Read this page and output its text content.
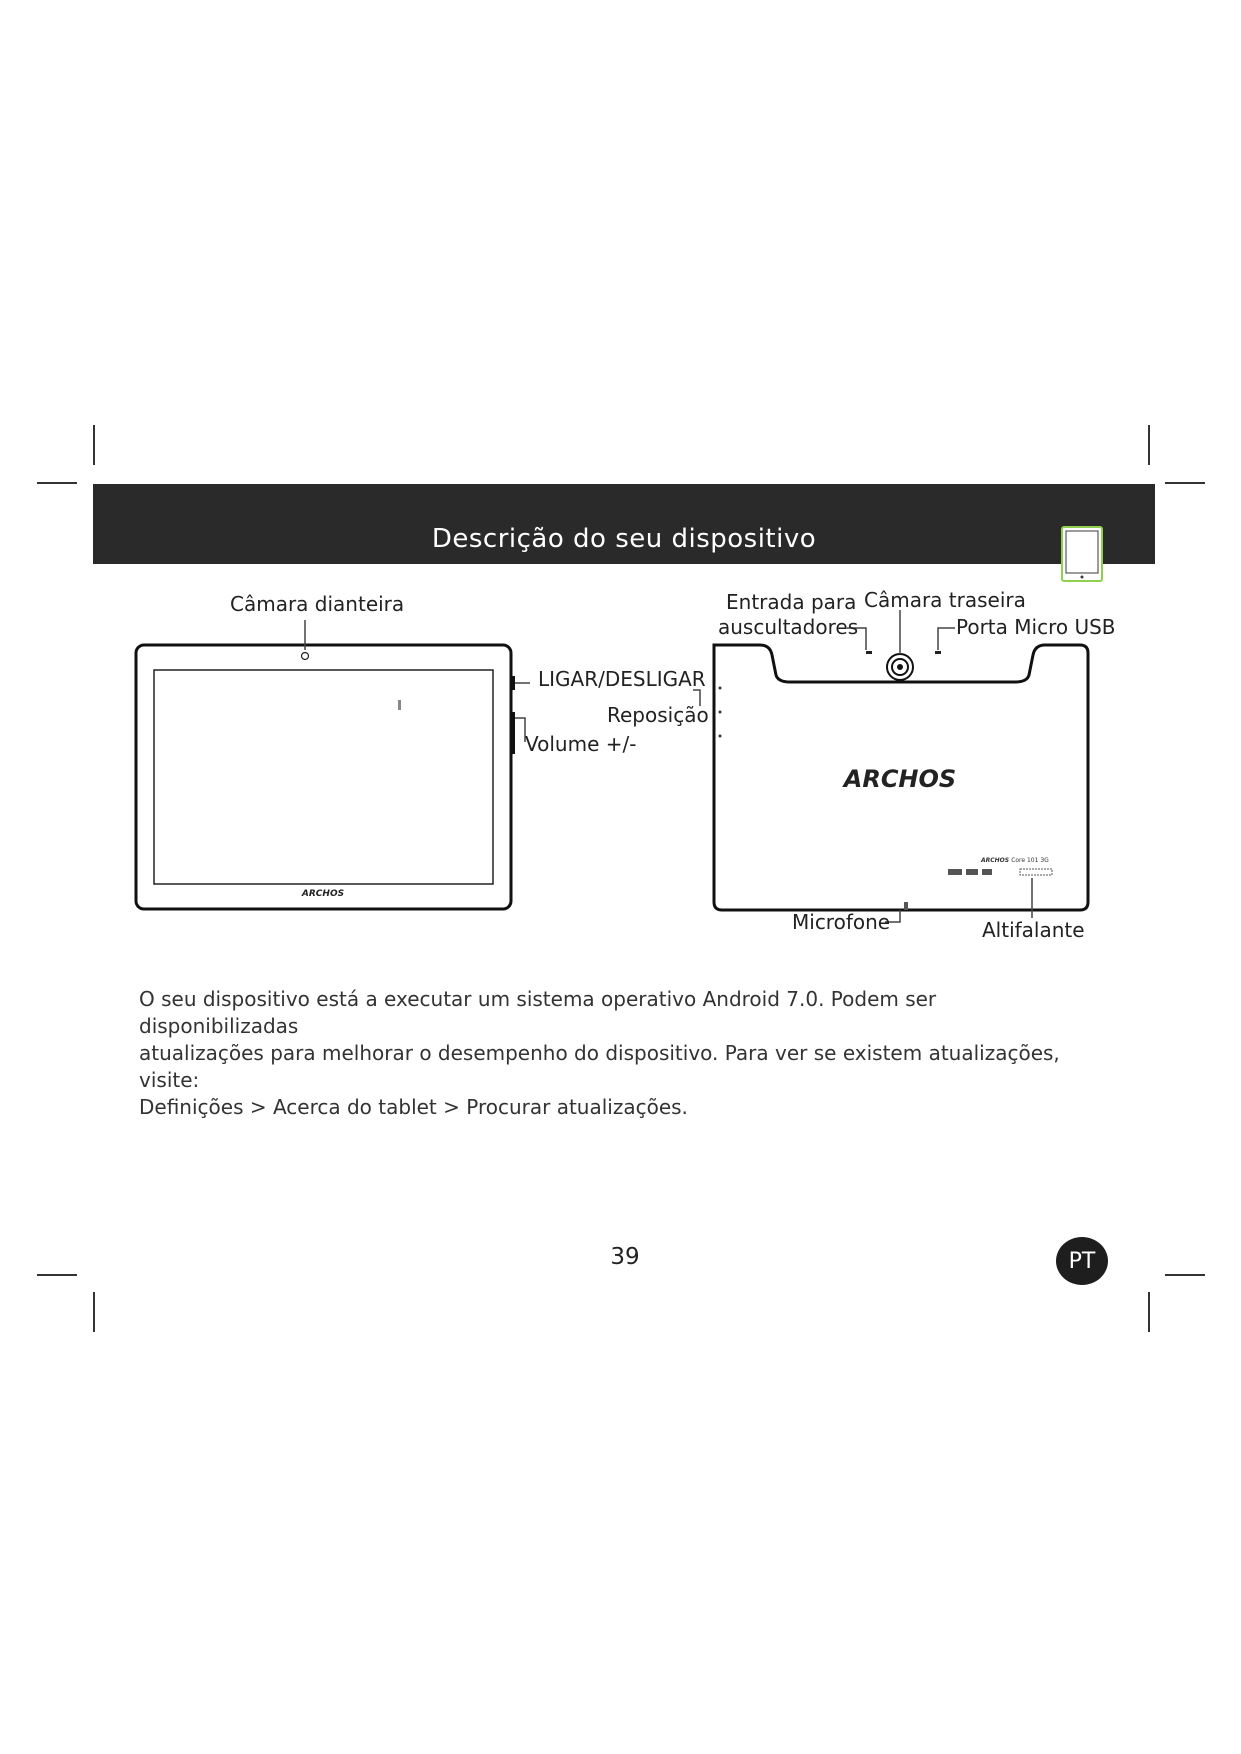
Descrição do seu dispositivo
ARCHOS
ARCHOS
ARCHOS Core 101 3G
Câmara dianteira	Entrada para
auscultadores
Câmara traseira
Porta Micro USB
LIGAR/DESLIGAR
Reposição
Volume +/-
Microfone	Altifalante
O seu dispositivo está a executar um sistema operativo Android 7.0. Podem ser disponibilizadas
atualizações para melhorar o desempenho do dispositivo. Para ver se existem atualizações, visite:
Definições > Acerca do tablet > Procurar atualizações.
39	PT
